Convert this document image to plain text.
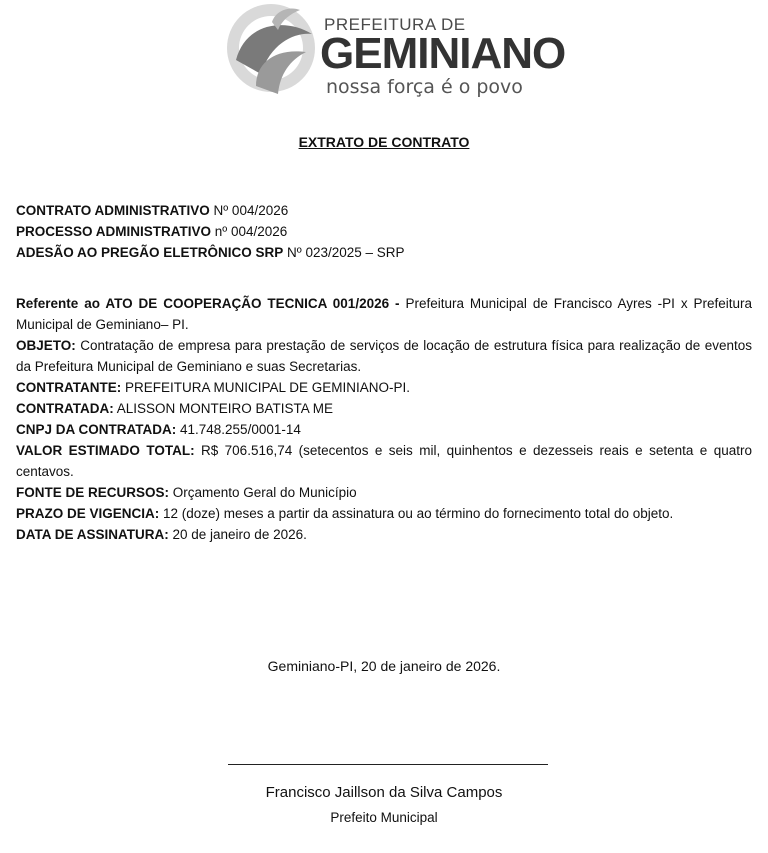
PREFEITURA DE
GEMINIANO
nossa força é o povo
EXTRATO DE CONTRATO
CONTRATO ADMINISTRATIVO Nº 004/2026
PROCESSO ADMINISTRATIVO nº 004/2026
ADESÃO AO PREGÃO ELETRÔNICO SRP Nº 023/2025 – SRP
Referente ao ATO DE COOPERAÇÃO TECNICA 001/2026 - Prefeitura Municipal de Francisco Ayres -PI x Prefeitura Municipal de Geminiano– PI.
OBJETO: Contratação de empresa para prestação de serviços de locação de estrutura física para realização de eventos da Prefeitura Municipal de Geminiano e suas Secretarias.
CONTRATANTE: PREFEITURA MUNICIPAL DE GEMINIANO-PI.
CONTRATADA: ALISSON MONTEIRO BATISTA ME
CNPJ DA CONTRATADA: 41.748.255/0001-14
VALOR ESTIMADO TOTAL: R$ 706.516,74 (setecentos e seis mil, quinhentos e dezesseis reais e setenta e quatro centavos.
FONTE DE RECURSOS: Orçamento Geral do Município
PRAZO DE VIGENCIA: 12 (doze) meses a partir da assinatura ou ao término do fornecimento total do objeto.
DATA DE ASSINATURA: 20 de janeiro de 2026.
Geminiano-PI, 20 de janeiro de 2026.
Francisco Jaillson da Silva Campos
Prefeito Municipal
